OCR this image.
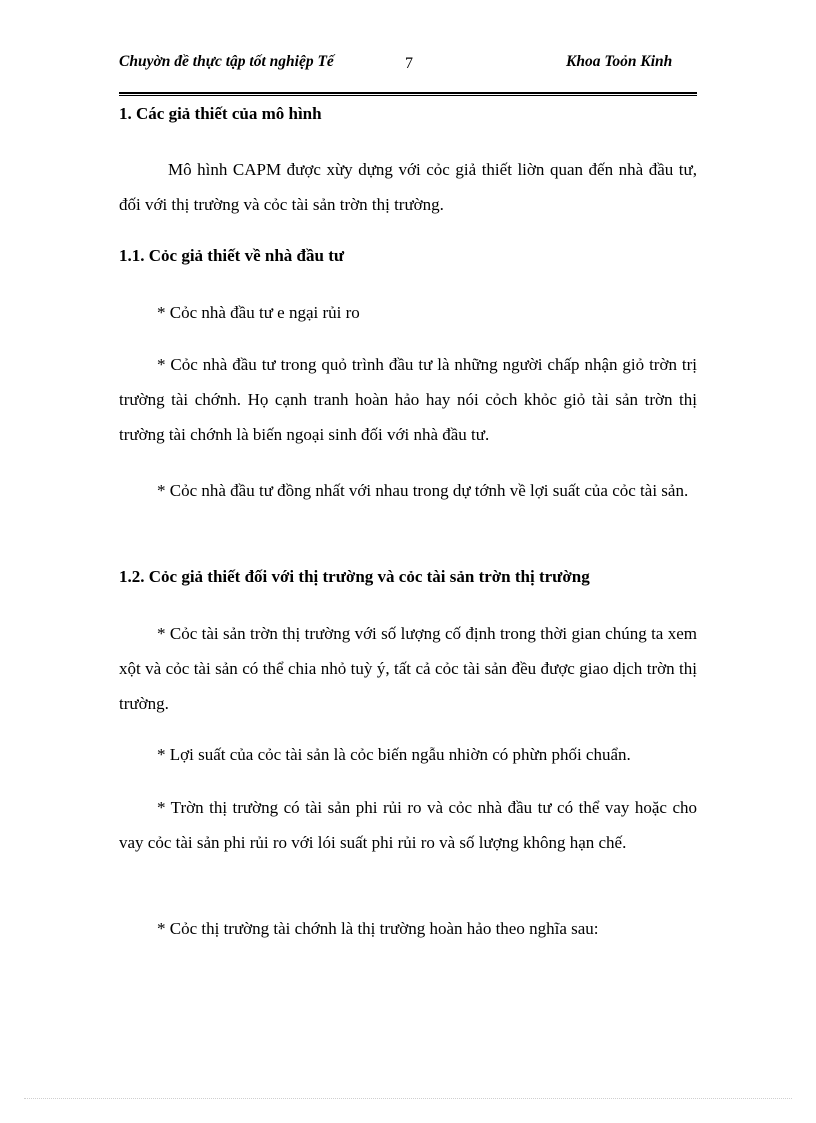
Chuyờn đề thực tập tốt nghiệp Tế	7	Khoa Toỏn Kinh
1. Các giả thiết của mô hình
Mô hình CAPM được xừy dựng với cỏc giả thiết liờn quan đến nhà đầu tư, đối với thị trường và cỏc tài sản trờn thị trường.
1.1. Cỏc giả thiết về nhà đầu tư
* Cỏc nhà đầu tư e ngại rủi ro
* Cỏc nhà đầu tư trong quỏ trình đầu tư là những người chấp nhận giỏ trờn trị trường tài chớnh. Họ cạnh tranh hoàn hảo hay nói cỏch khỏc giỏ tài sản trờn thị trường tài chớnh là biến ngoại sinh đối với nhà đầu tư.
* Cỏc nhà đầu tư đồng nhất với nhau trong dự tớnh về lợi suất của cỏc tài sản.
1.2. Cỏc giả thiết đối với thị trường và cỏc tài sản trờn thị trường
* Cỏc tài sản trờn thị trường với số lượng cố định trong thời gian chúng ta xem xột và cỏc tài sản có thể chia nhỏ tuỳ ý, tất cả cỏc tài sản đều được giao dịch trờn thị trường.
* Lợi suất của cỏc tài sản là cỏc biến ngẫu nhiờn có phừn phối chuẩn.
* Trờn thị trường có tài sản phi rủi ro và cỏc nhà đầu tư có thể vay hoặc cho vay cỏc tài sản phi rủi ro với lói suất phi rủi ro và số lượng không hạn chế.
* Cỏc thị trường tài chớnh là thị trường hoàn hảo theo nghĩa sau:
